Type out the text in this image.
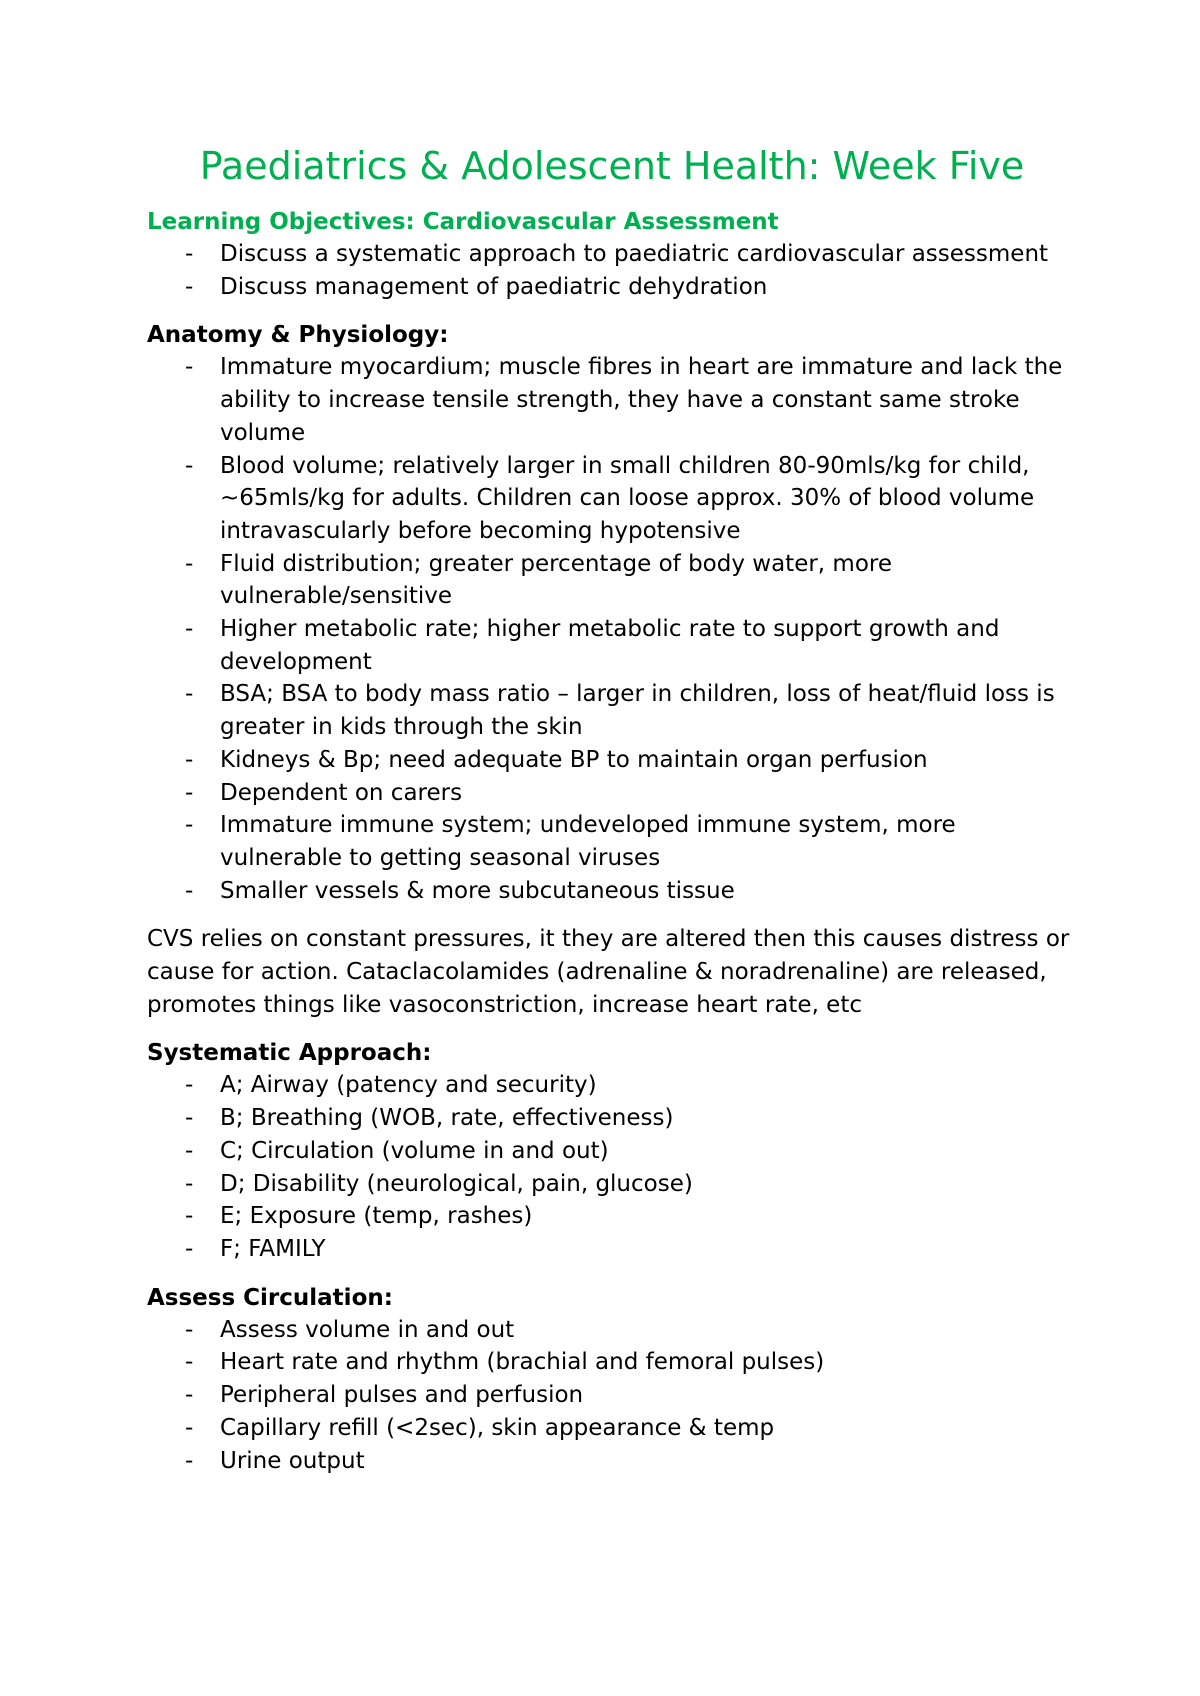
Paediatrics & Adolescent Health: Week Five
Learning Objectives: Cardiovascular Assessment
- Discuss a systematic approach to paediatric cardiovascular assessment
- Discuss management of paediatric dehydration
Anatomy & Physiology:
- Immature myocardium; muscle fibres in heart are immature and lack the ability to increase tensile strength, they have a constant same stroke volume
- Blood volume; relatively larger in small children 80-90mls/kg for child, ~65mls/kg for adults. Children can loose approx. 30% of blood volume intravascularly before becoming hypotensive
- Fluid distribution; greater percentage of body water, more vulnerable/sensitive
- Higher metabolic rate; higher metabolic rate to support growth and development
- BSA; BSA to body mass ratio – larger in children, loss of heat/fluid loss is greater in kids through the skin
- Kidneys & Bp; need adequate BP to maintain organ perfusion
- Dependent on carers
- Immature immune system; undeveloped immune system, more vulnerable to getting seasonal viruses
- Smaller vessels & more subcutaneous tissue

CVS relies on constant pressures, it they are altered then this causes distress or cause for action. Cataclacolamides (adrenaline & noradrenaline) are released, promotes things like vasoconstriction, increase heart rate, etc

Systematic Approach:
- A; Airway (patency and security)
- B; Breathing (WOB, rate, effectiveness)
- C; Circulation (volume in and out)
- D; Disability (neurological, pain, glucose)
- E; Exposure (temp, rashes)
- F; FAMILY
Assess Circulation:
- Assess volume in and out
- Heart rate and rhythm (brachial and femoral pulses)
- Peripheral pulses and perfusion
- Capillary refill (<2sec), skin appearance & temp
- Urine output
